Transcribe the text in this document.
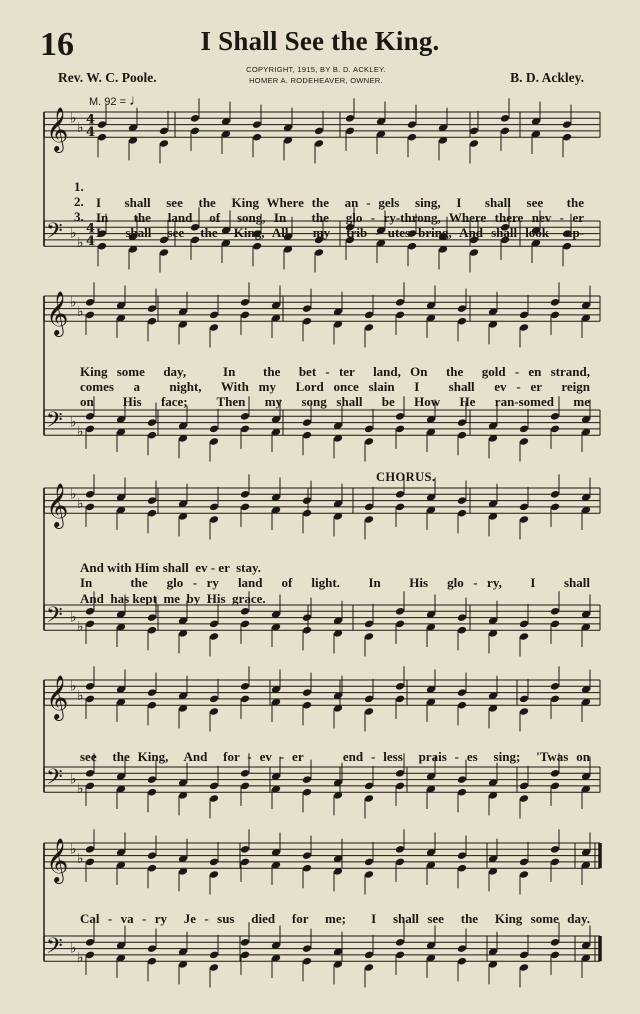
16	I Shall See the King.
Rev. W. C. Poole.
COPYRIGHT, 1915, BY B. D. ACKLEY.
HOMER A. RODEHEAVER, OWNER.	B. D. Ackley.
M. 92 = ♩
CHORUS.
𝄞 ♭
♭ 4
4
𝄢 ♭
♭
4
4
𝄞 ♭
♭
𝄢 ♭
♭
𝄞 ♭
♭
𝄢 ♭
♭
𝄞 ♭
♭
𝄢 ♭
♭
𝄞 ♭
♭
𝄢 ♭
♭

1.

I   shall  see  the  King Where the  an - gels  sing,  I   shall  see   the

2.

In   the  land  of  song, In   the  glo - ry-throng, Where there nev - er

3.

I   shall  see  the  King, All   my  trib - utes bring, And shall look  up-

King some  day,    In   the  bet - ter  land, On  the  gold - en strand,

comes  a   night,  With my  Lord once slain  I   shall  ev - er  reign

on   His  face;   Then  my  song shall  be  How  He  ran-somed  me

And with Him shall  ev - er  stay.

In    the  glo - ry  land  of  light.   In   His  glo - ry,   I   shall

And  has kept  me  by  His  grace.

see  the King,  And  for - ev - er     end - less  prais - es  sing;  'Twas on

Cal - va - ry  Je - sus  died  for  me;   I  shall see  the  King some day.
